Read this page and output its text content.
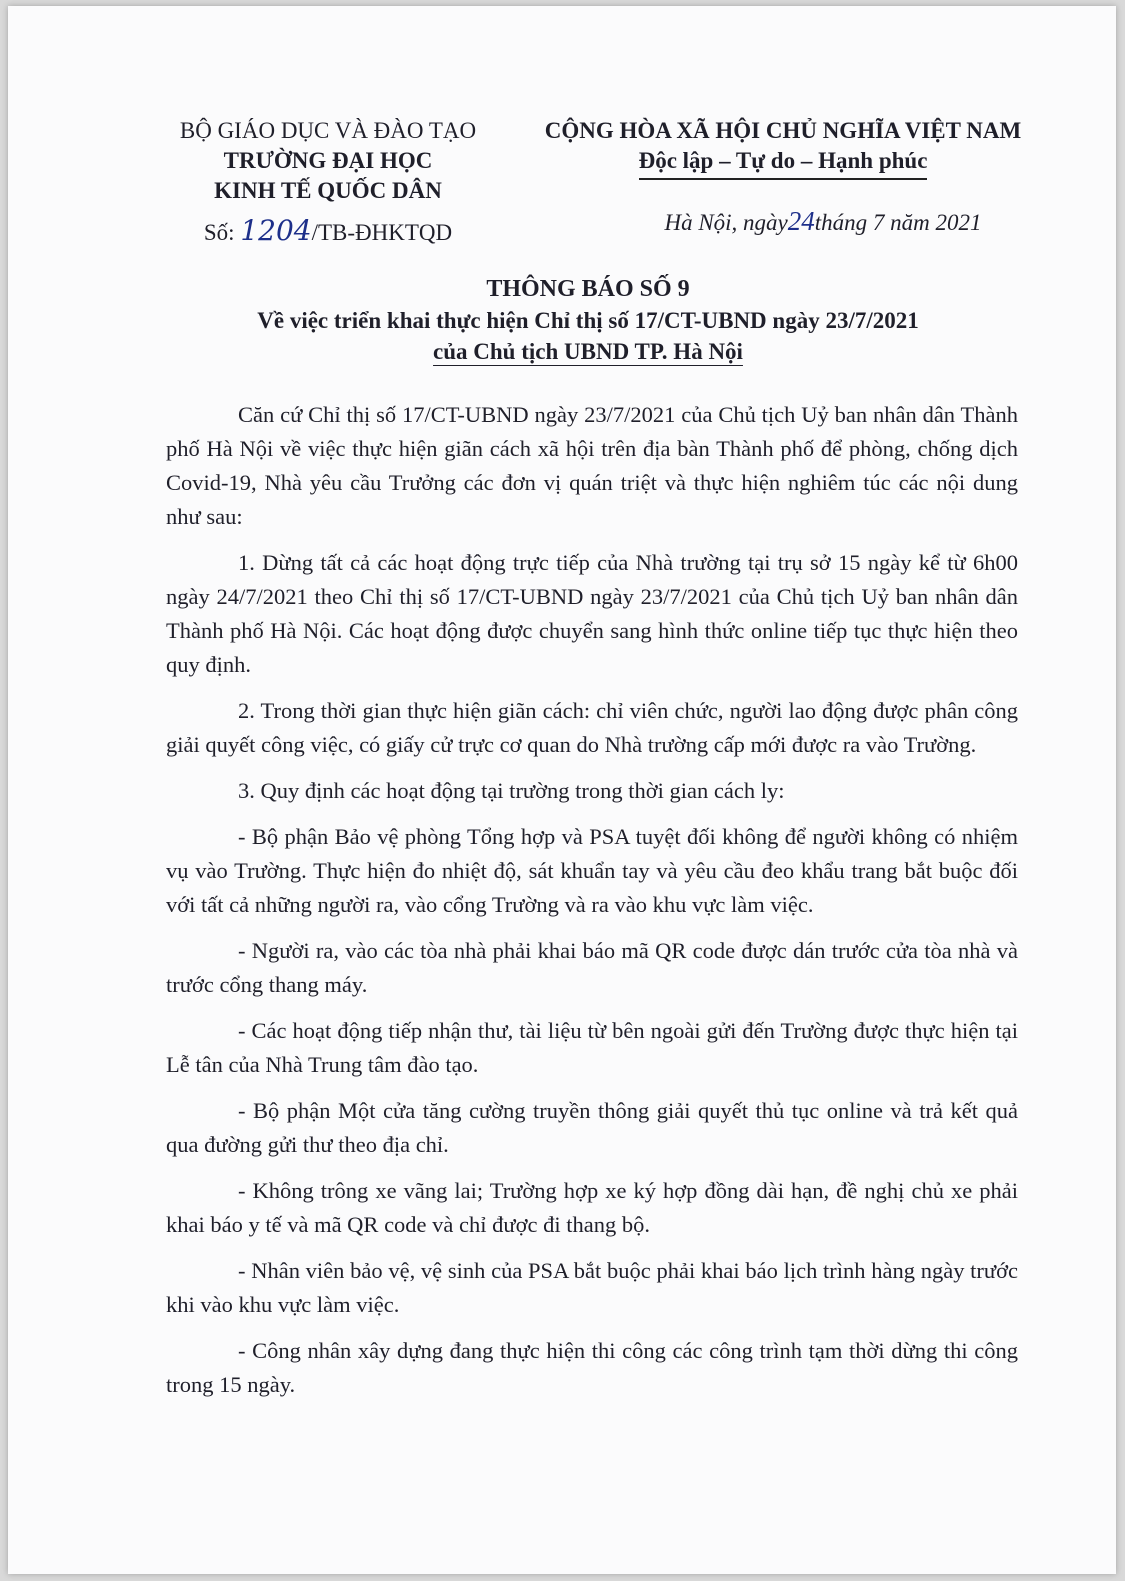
BỘ GIÁO DỤC VÀ ĐÀO TẠO
TRƯỜNG ĐẠI HỌC
KINH TẾ QUỐC DÂN
Số: 1204/TB-ĐHKTQD
CỘNG HÒA XÃ HỘI CHỦ NGHĨA VIỆT NAM
Độc lập – Tự do – Hạnh phúc
Hà Nội, ngày24tháng 7 năm 2021
THÔNG BÁO SỐ 9
Về việc triển khai thực hiện Chỉ thị số 17/CT-UBND ngày 23/7/2021
của Chủ tịch UBND TP. Hà Nội

Căn cứ Chỉ thị số 17/CT-UBND ngày 23/7/2021 của Chủ tịch Uỷ ban nhân dân Thành phố Hà Nội về việc thực hiện giãn cách xã hội trên địa bàn Thành phố để phòng, chống dịch Covid-19, Nhà yêu cầu Trưởng các đơn vị quán triệt và thực hiện nghiêm túc các nội dung như sau:

1. Dừng tất cả các hoạt động trực tiếp của Nhà trường tại trụ sở 15 ngày kể từ 6h00 ngày 24/7/2021 theo Chỉ thị số 17/CT-UBND ngày 23/7/2021 của Chủ tịch Uỷ ban nhân dân Thành phố Hà Nội. Các hoạt động được chuyển sang hình thức online tiếp tục thực hiện theo quy định.

2. Trong thời gian thực hiện giãn cách: chỉ viên chức, người lao động được phân công giải quyết công việc, có giấy cử trực cơ quan do Nhà trường cấp mới được ra vào Trường.

3. Quy định các hoạt động tại trường trong thời gian cách ly:

- Bộ phận Bảo vệ phòng Tổng hợp và PSA tuyệt đối không để người không có nhiệm vụ vào Trường. Thực hiện đo nhiệt độ, sát khuẩn tay và yêu cầu đeo khẩu trang bắt buộc đối với tất cả những người ra, vào cổng Trường và ra vào khu vực làm việc.

- Người ra, vào các tòa nhà phải khai báo mã QR code được dán trước cửa tòa nhà và trước cổng thang máy.

- Các hoạt động tiếp nhận thư, tài liệu từ bên ngoài gửi đến Trường được thực hiện tại Lễ tân của Nhà Trung tâm đào tạo.

- Bộ phận Một cửa tăng cường truyền thông giải quyết thủ tục online và trả kết quả qua đường gửi thư theo địa chỉ.

- Không trông xe vãng lai; Trường hợp xe ký hợp đồng dài hạn, đề nghị chủ xe phải khai báo y tế và mã QR code và chỉ được đi thang bộ.

- Nhân viên bảo vệ, vệ sinh của PSA bắt buộc phải khai báo lịch trình hàng ngày trước khi vào khu vực làm việc.

- Công nhân xây dựng đang thực hiện thi công các công trình tạm thời dừng thi công trong 15 ngày.
